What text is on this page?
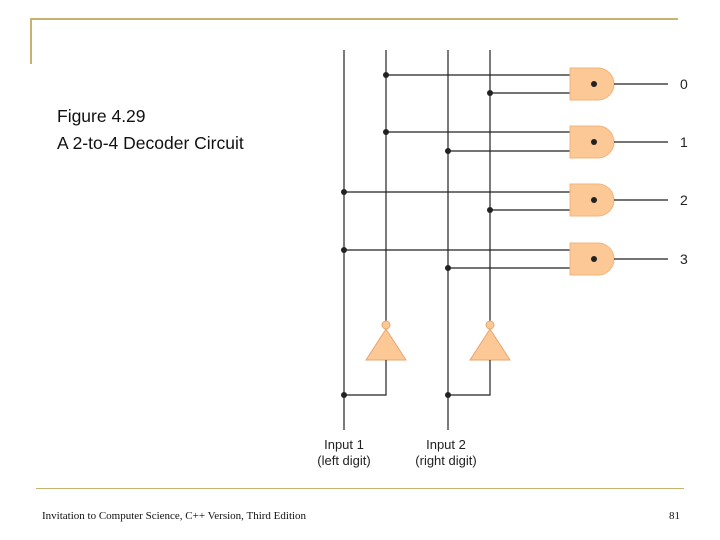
Figure 4.29
A 2-to-4 Decoder Circuit
0
1
2
3
Input 1
(left digit)
Input 2
(right digit)
Invitation to Computer Science, C++ Version, Third Edition	81
